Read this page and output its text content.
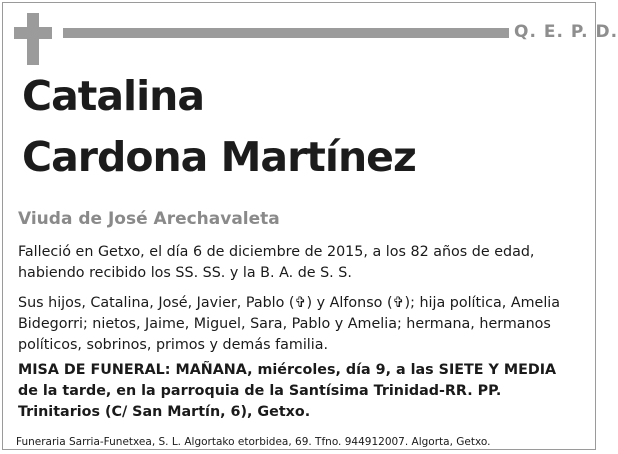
Q. E. P. D.
Catalina
Cardona Martínez
Viuda de José Arechavaleta
Falleció en Getxo, el día 6 de diciembre de 2015, a los 82 años de edad, habiendo recibido los SS. SS. y la B. A. de S. S.
Sus hijos, Catalina, José, Javier, Pablo (✞) y Alfonso (✞); hija política, Amelia Bidegorri; nietos, Jaime, Miguel, Sara, Pablo y Amelia; hermana, hermanos políticos, sobrinos, primos y demás familia.
MISA DE FUNERAL: MAÑANA, miércoles, día 9, a las SIETE Y MEDIA de la tarde, en la parroquia de la Santísima Trinidad-RR. PP. Trinitarios (C/ San Martín, 6), Getxo.
Funeraria Sarria-Funetxea, S. L. Algortako etorbidea, 69. Tfno. 944912007. Algorta, Getxo.
